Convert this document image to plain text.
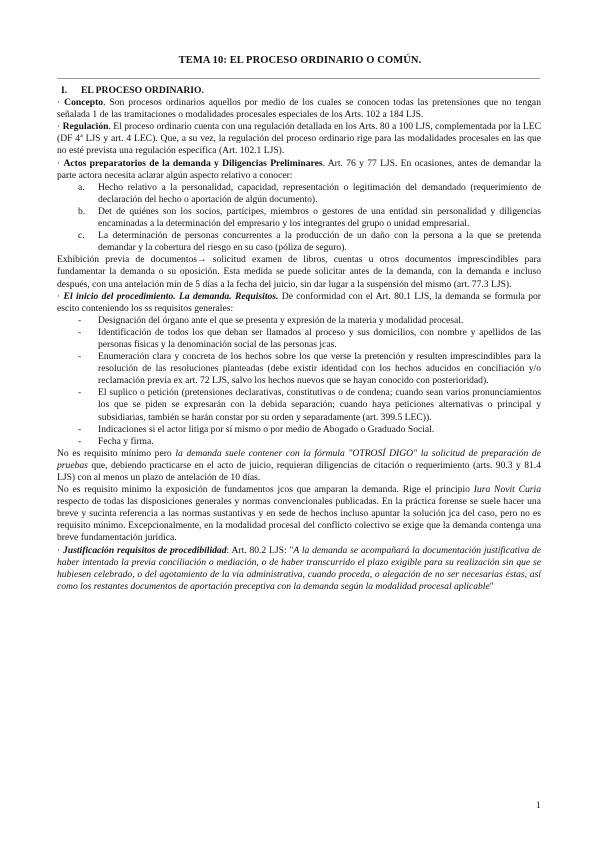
TEMA 10: EL PROCESO ORDINARIO O COMÚN.

I. EL PROCESO ORDINARIO.

· Concepto. Son procesos ordinarios aquellos por medio de los cuales se conocen todas las pretensiones que no tengan señalada 1 de las tramitaciones o modalidades procesales especiales de los Arts. 102 a 184 LJS.

· Regulación. El proceso ordinario cuenta con una regulación detallada en los Arts. 80 a 100 LJS, complementada por la LEC (DF 4ª LJS y art. 4 LEC). Que, a su vez, la regulación del proceso ordinario rige para las modalidades procesales en las que no esté prevista una regulación específica (Art. 102.1 LJS).

· Actos preparatorios de la demanda y Diligencias Preliminares. Art. 76 y 77 LJS. En ocasiones, antes de demandar la parte actora necesita aclarar algún aspecto relativo a conocer:

a. Hecho relativo a la personalidad, capacidad, representación o legitimación del demandado (requerimiento de declaración del hecho o aportación de algún documento).
b. Det de quiénes son los socios, partícipes, miembros o gestores de una entidad sin personalidad y diligencias encaminadas a la determinación del empresario y los integrantes del grupo o unidad empresarial.
c. La determinación de personas concurrentes a la producción de un daño con la persona a la que se pretenda demandar y la cobertura del riesgo en su caso (póliza de seguro).

Exhibición previa de documentos→ solicitud examen de libros, cuentas u otros documentos imprescindibles para fundamentar la demanda o su oposición. Esta medida se puede solicitar antes de la demanda, con la demanda e incluso después, con una antelación mín de 5 días a la fecha del juicio, sin dar lugar a la suspensión del mismo (art. 77.3 LJS).

· El inicio del procedimiento. La demanda. Requisitos. De conformidad con el Art. 80.1 LJS, la demanda se formula por escito conteniendo los ss requisitos generales:

- Designación del órgano ante el que se presenta y expresión de la materia y modalidad procesal.
- Identificación de todos los que deban ser llamados al proceso y sus domicilios, con nombre y apellidos de las personas físicas y la denominación social de las personas jcas.
- Enumeración clara y concreta de los hechos sobre los que verse la pretención y resulten imprescindibles para la resolución de las resoluciones planteadas (debe existir identidad con los hechos aducidos en conciliación y/o reclamación previa ex art. 72 LJS, salvo los hechos nuevos que se hayan conocido con posterioridad).
- El suplico o petición (pretensiones declarativas, constitutivas o de condena; cuando sean varios pronunciamientos los que se piden se expresarán con la debida separación; cuando haya peticiones alternativas o principal y subsidiarias, también se harán constar por su orden y separadamente (art. 399.5 LEC)).
- Indicaciones si el actor litiga por sí mismo o por medio de Abogado o Graduado Social.
- Fecha y firma.

No es requisito mínimo pero la demanda suele contener con la fórmula "OTROSÍ DIGO" la solicitud de preparación de pruebas que, debiendo practicarse en el acto de juicio, requieran diligencias de citación o requerimiento (arts. 90.3 y 81.4 LJS) con al menos un plazo de antelación de 10 días.

No es requisito mínimo la exposición de fundamentos jcos que amparan la demanda. Rige el principio Iura Novit Curia respecto de todas las disposiciones generales y normas convencionales publicadas. En la práctica forense se suele hacer una breve y sucinta referencia a las normas sustantivas y en sede de hechos incluso apuntar la solución jca del caso, pero no es requisito mínimo. Excepcionalmente, en la modalidad procesal del conflicto colectivo se exige que la demanda contenga una breve fundamentación jurídica.

· Justificación requisitos de procedibilidad: Art. 80.2 LJS: "A la demanda se acompañará la documentación justificativa de haber intentado la previa conciliación o mediación, o de haber transcurrido el plazo exigible para su realización sin que se hubiesen celebrado, o del agotamiento de la vía administrativa, cuando proceda, o alegación de no ser necesarias éstas, así como los restantes documentos de aportación preceptiva con la demanda según la modalidad procesal aplicable"

1
